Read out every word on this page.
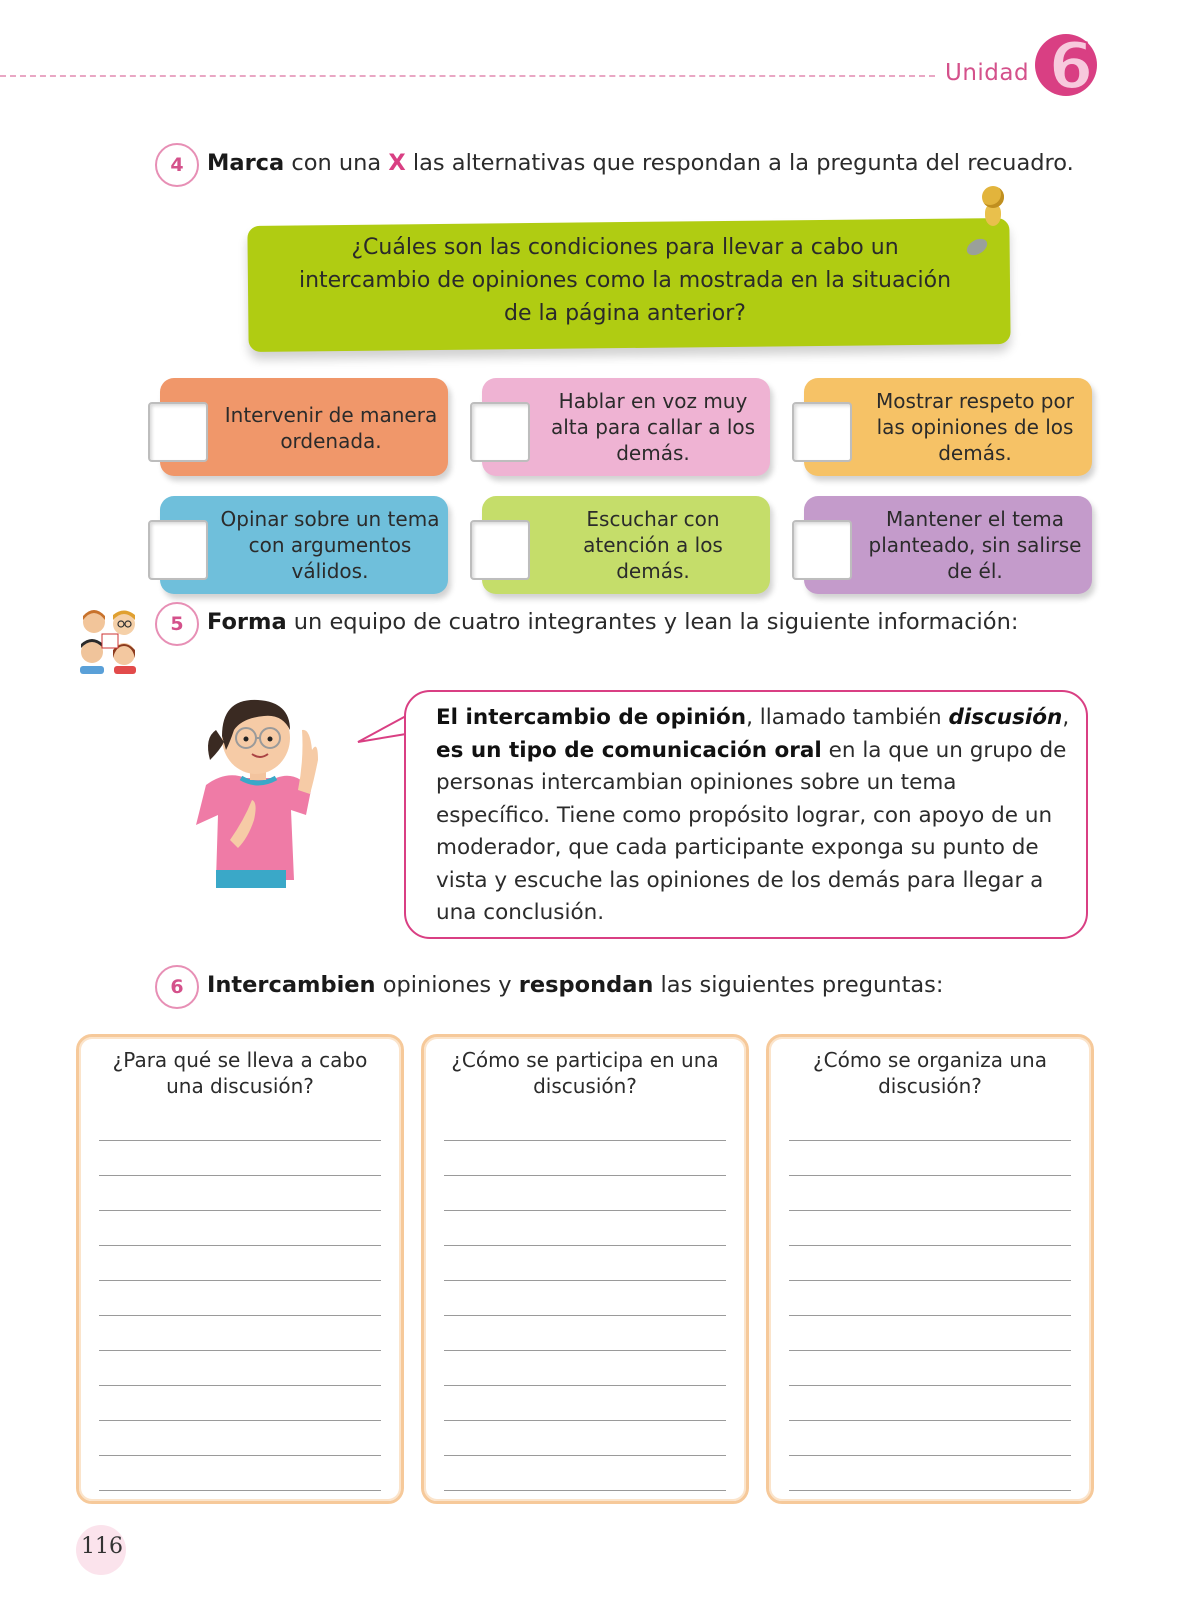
Unidad 6
4	Marca con una X las alternativas que respondan a la pregunta del recuadro.
¿Cuáles son las condiciones para llevar a cabo un
intercambio de opiniones como la mostrada en la situación
de la página anterior?
Intervenir de manera
ordenada.
Hablar en voz muy
alta para callar a los
demás.
Mostrar respeto por
las opiniones de los
demás.
Opinar sobre un tema
con argumentos
válidos.
Escuchar con
atención a los
demás.
Mantener el tema
planteado, sin salirse
de él.
5	Forma un equipo de cuatro integrantes y lean la siguiente información:
El intercambio de opinión, llamado también discusión, es un tipo de comunicación oral en la que un grupo de personas intercambian opiniones sobre un tema específico. Tiene como propósito lograr, con apoyo de un moderador, que cada participante exponga su punto de vista y escuche las opiniones de los demás para llegar a una conclusión.
6	Intercambien opiniones y respondan las siguientes preguntas:
¿Para qué se lleva a cabo
una discusión?
¿Cómo se participa en una
discusión?
¿Cómo se organiza una
discusión?
116
